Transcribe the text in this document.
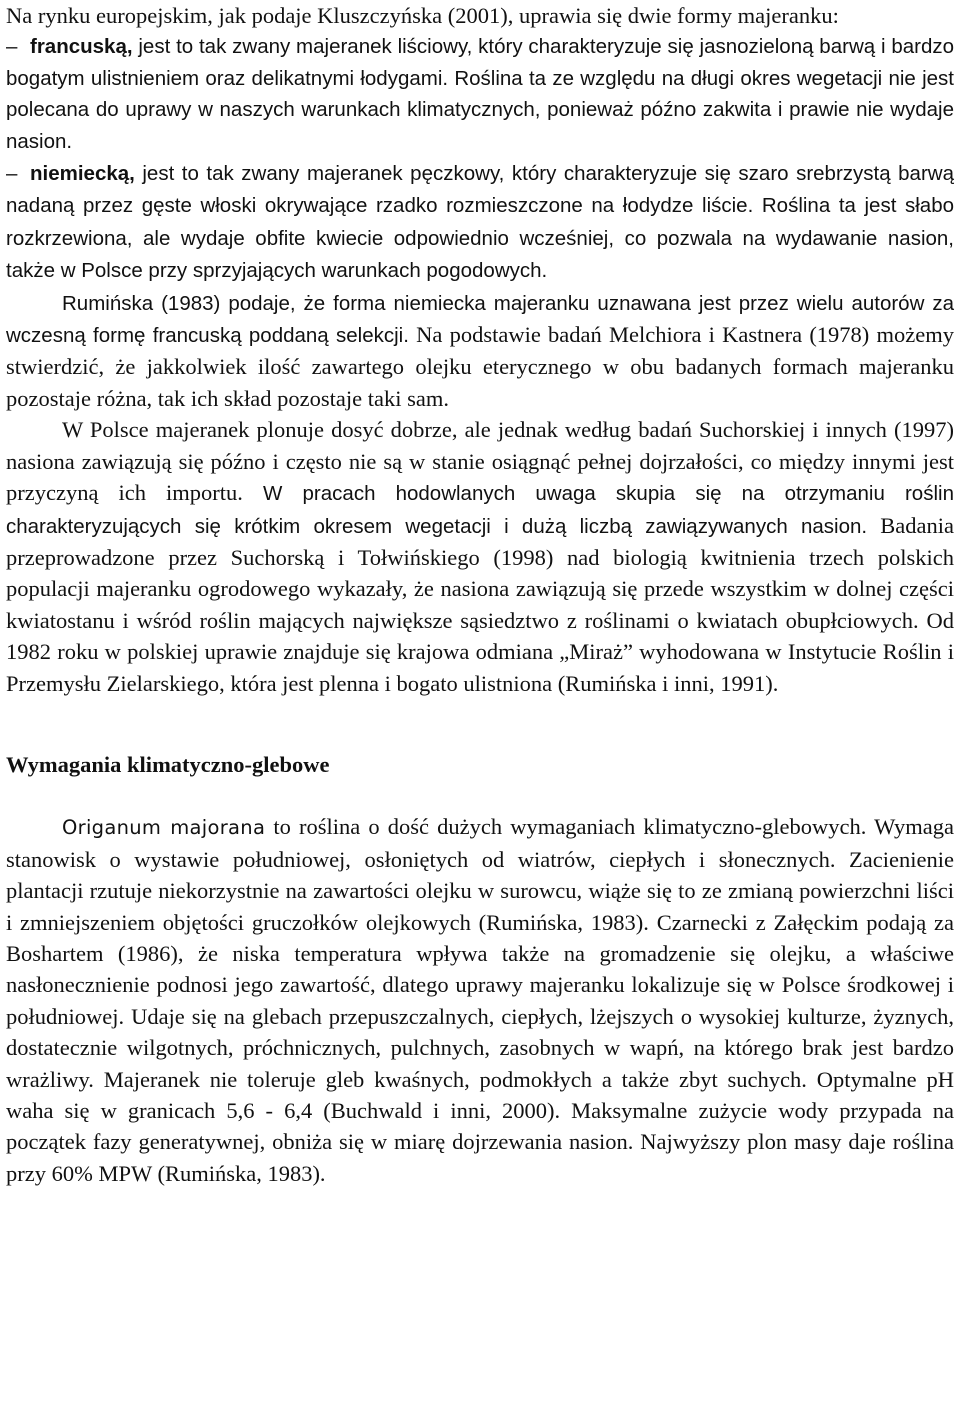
Na rynku europejskim, jak podaje Kluszczyńska (2001), uprawia się dwie formy majeranku:

– francuską, jest to tak zwany majeranek liściowy, który charakteryzuje się jasnozieloną barwą i bardzo bogatym ulistnieniem oraz delikatnymi łodygami. Roślina ta ze względu na długi okres wegetacji nie jest polecana do uprawy w naszych warunkach klimatycznych, ponieważ późno zakwita i prawie nie wydaje nasion.

– niemiecką, jest to tak zwany majeranek pęczkowy, który charakteryzuje się szaro srebrzystą barwą nadaną przez gęste włoski okrywające rzadko rozmieszczone na łodydze liście. Roślina ta jest słabo rozkrzewiona, ale wydaje obfite kwiecie odpowiednio wcześniej, co pozwala na wydawanie nasion, także w Polsce przy sprzyjających warunkach pogodowych.

Rumińska (1983) podaje, że forma niemiecka majeranku uznawana jest przez wielu autorów za wczesną formę francuską poddaną selekcji. Na podstawie badań Melchiora i Kastnera (1978) możemy stwierdzić, że jakkolwiek ilość zawartego olejku eterycznego w obu badanych formach majeranku pozostaje różna, tak ich skład pozostaje taki sam.

W Polsce majeranek plonuje dosyć dobrze, ale jednak według badań Suchorskiej i innych (1997) nasiona zawiązują się późno i często nie są w stanie osiągnąć pełnej dojrzałości, co między innymi jest przyczyną ich importu. W pracach hodowlanych uwaga skupia się na otrzymaniu roślin charakteryzujących się krótkim okresem wegetacji i dużą liczbą zawiązywanych nasion. Badania przeprowadzone przez Suchorską i Tołwińskiego (1998) nad biologią kwitnienia trzech polskich populacji majeranku ogrodowego wykazały, że nasiona zawiązują się przede wszystkim w dolnej części kwiatostanu i wśród roślin mających największe sąsiedztwo z roślinami o kwiatach obupłciowych. Od 1982 roku w polskiej uprawie znajduje się krajowa odmiana „Miraż” wyhodowana w Instytucie Roślin i Przemysłu Zielarskiego, która jest plenna i bogato ulistniona (Rumińska i inni, 1991).

Wymagania klimatyczno-glebowe

Origanum majorana to roślina o dość dużych wymaganiach klimatyczno-glebowych. Wymaga stanowisk o wystawie południowej, osłoniętych od wiatrów, ciepłych i słonecznych. Zacienienie plantacji rzutuje niekorzystnie na zawartości olejku w surowcu, wiąże się to ze zmianą powierzchni liści i zmniejszeniem objętości gruczołków olejkowych (Rumińska, 1983). Czarnecki z Załęckim podają za Boshartem (1986), że niska temperatura wpływa także na gromadzenie się olejku, a właściwe nasłonecznienie podnosi jego zawartość, dlatego uprawy majeranku lokalizuje się w Polsce środkowej i południowej. Udaje się na glebach przepuszczalnych, ciepłych, lżejszych o wysokiej kulturze, żyznych, dostatecznie wilgotnych, próchnicznych, pulchnych, zasobnych w wapń, na którego brak jest bardzo wrażliwy. Majeranek nie toleruje gleb kwaśnych, podmokłych a także zbyt suchych. Optymalne pH waha się w granicach 5,6 - 6,4 (Buchwald i inni, 2000). Maksymalne zużycie wody przypada na początek fazy generatywnej, obniża się w miarę dojrzewania nasion. Najwyższy plon masy daje roślina przy 60% MPW (Rumińska, 1983).
